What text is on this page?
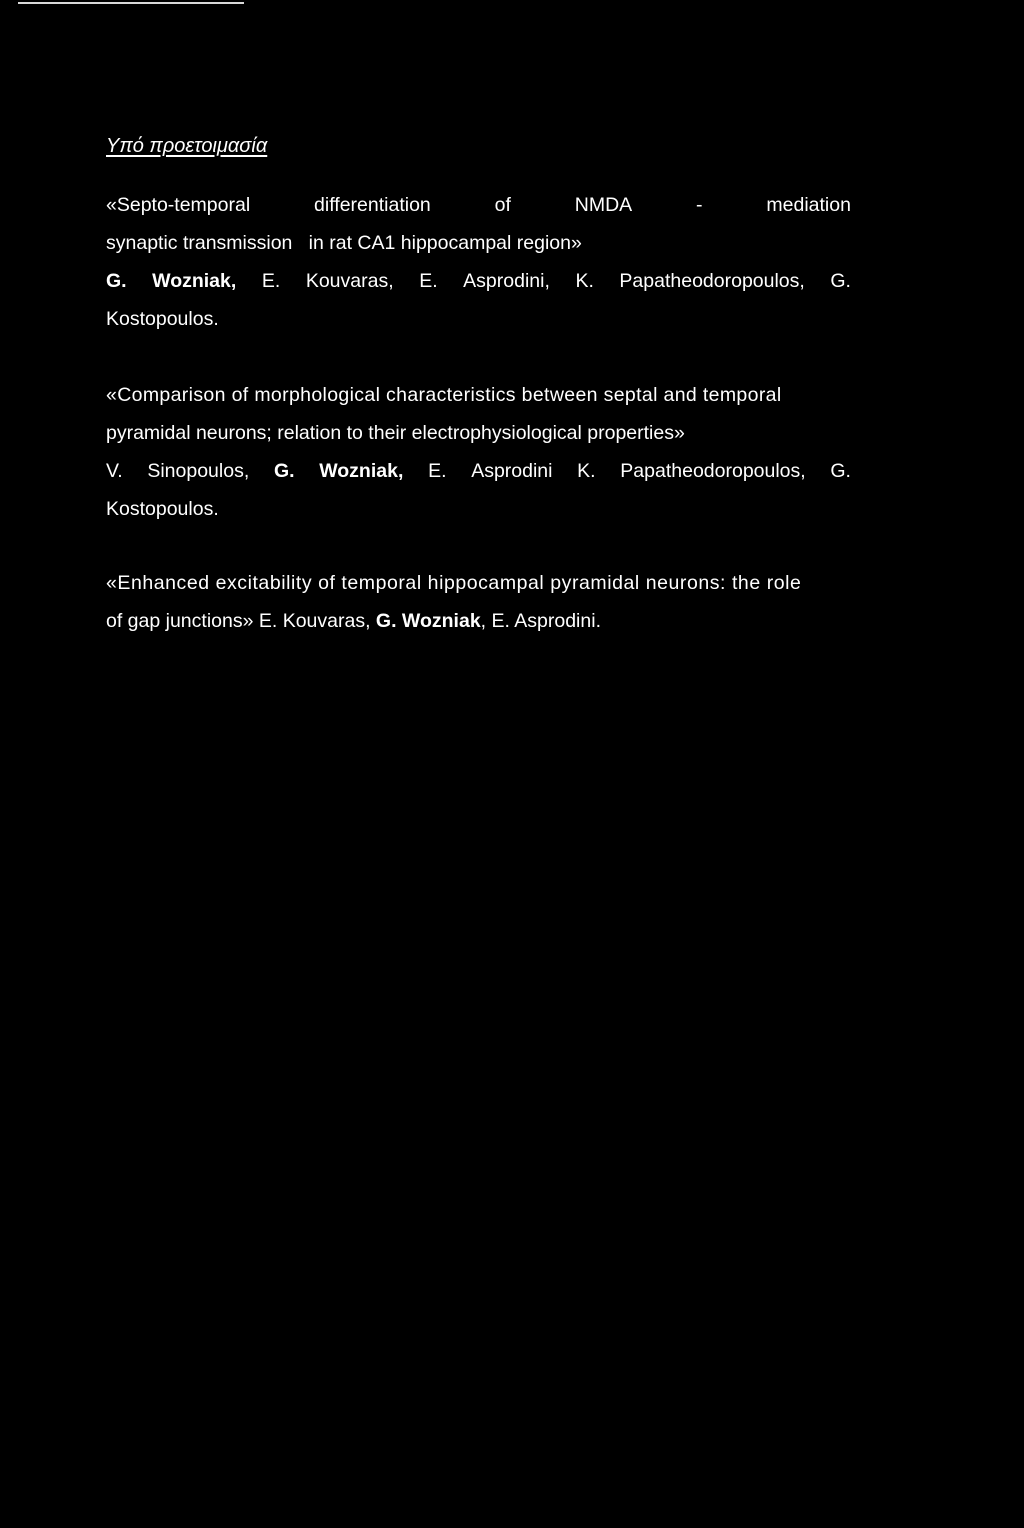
Υπό προετοιμασία
«Septo-temporal	differentiation	of	NMDA	-	mediation
synaptic transmission   in rat CA1 hippocampal region»
G. Wozniak, E. Kouvaras, E. Asprodini, K. Papatheodoropoulos, G.
Kostopoulos.
«Comparison of morphological characteristics between septal and temporal
pyramidal neurons; relation to their electrophysiological properties»
V. Sinopoulos, G. Wozniak, E. Asprodini K. Papatheodoropoulos, G.
Kostopoulos.
«Enhanced excitability of temporal hippocampal pyramidal neurons: the role
of gap junctions» E. Kouvaras, G. Wozniak, E. Asprodini.
